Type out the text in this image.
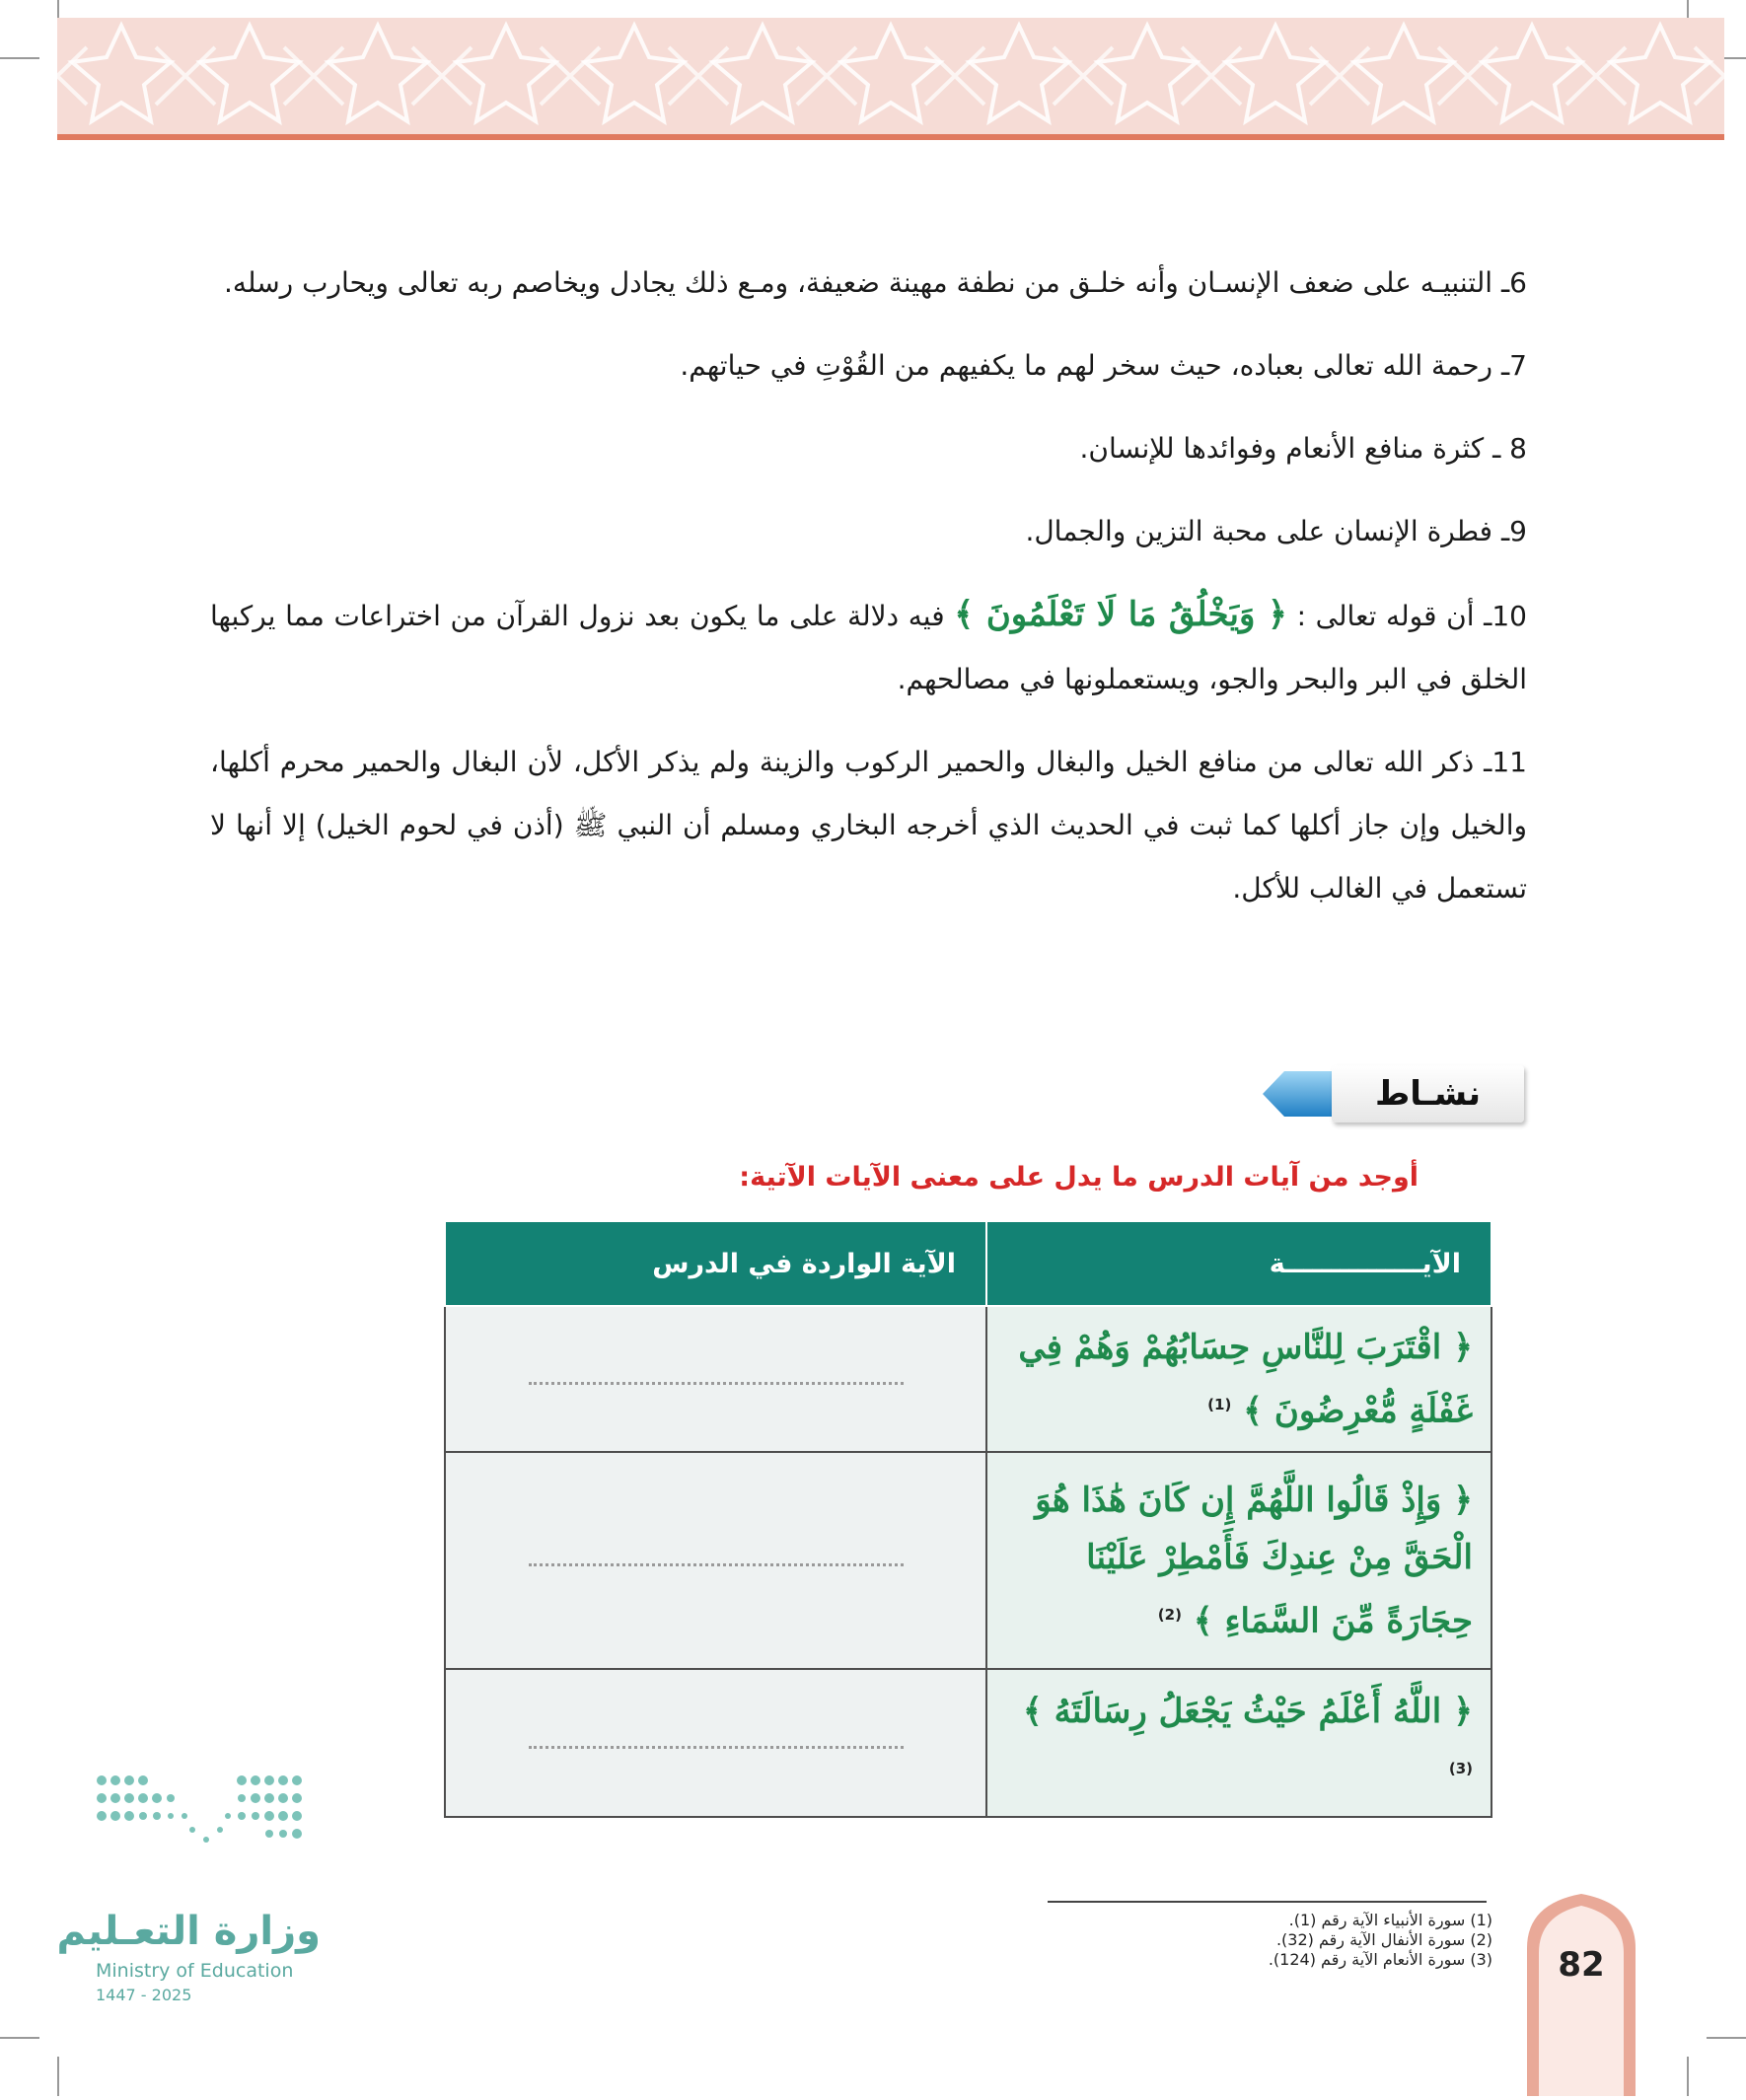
6ـ التنبيـه على ضعف الإنسـان وأنه خلـق من نطفة مهينة ضعيفة، ومـع ذلك يجادل ويخاصم ربه تعالى ويحارب رسله.
7ـ رحمة الله تعالى بعباده، حيث سخر لهم ما يكفيهم من القُوْتِ في حياتهم.
8 ـ كثرة منافع الأنعام وفوائدها للإنسان.
9ـ فطرة الإنسان على محبة التزين والجمال.
10ـ أن قوله تعالى : ﴿ وَيَخْلُقُ مَا لَا تَعْلَمُونَ ﴾ فيه دلالة على ما يكون بعد نزول القرآن من اختراعات مما يركبها الخلق في البر والبحر والجو، ويستعملونها في مصالحهم.
11ـ ذكر الله تعالى من منافع الخيل والبغال والحمير الركوب والزينة ولم يذكر الأكل، لأن البغال والحمير محرم أكلها، والخيل وإن جاز أكلها كما ثبت في الحديث الذي أخرجه البخاري ومسلم أن النبي ﷺ (أذن في لحوم الخيل) إلا أنها لا تستعمل في الغالب للأكل.
نشـاط
أوجد من آيات الدرس ما يدل على معنى الآيات الآتية:
الآيـــــــــــــــة	الآية الواردة في الدرس
﴿ اقْتَرَبَ لِلنَّاسِ حِسَابُهُمْ وَهُمْ فِي غَفْلَةٍ مُّعْرِضُونَ ﴾ $^{(1)}$	
﴿ وَإِذْ قَالُوا اللَّهُمَّ إِن كَانَ هَٰذَا هُوَ الْحَقَّ مِنْ عِندِكَ فَأَمْطِرْ عَلَيْنَا حِجَارَةً مِّنَ السَّمَاءِ ﴾ $^{(2)}$	
﴿ اللَّهُ أَعْلَمُ حَيْثُ يَجْعَلُ رِسَالَتَهُ ﴾ $^{(3)}$	
(1) سورة الأنبياء الآية رقم (1).
(2) سورة الأنفال الآية رقم (32).
(3) سورة الأنعام الآية رقم (124).	82
وزارة التعـليم
Ministry of Education
2025 - 1447
